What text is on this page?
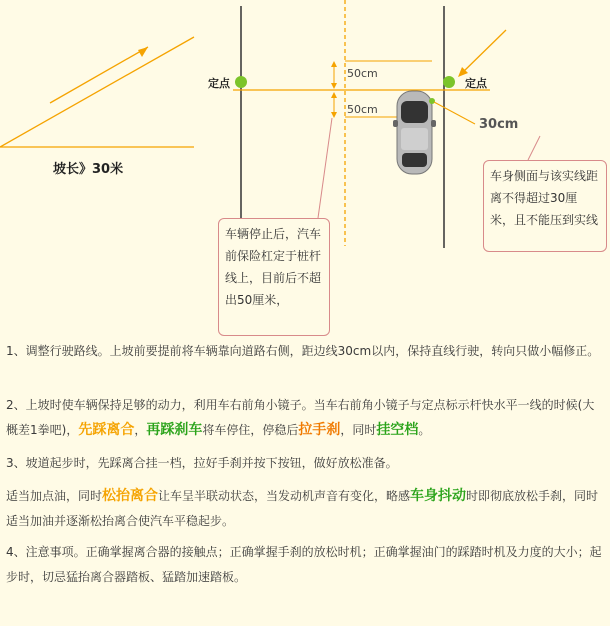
坡长》30米
定点	定点
50cm
50cm
30cm
车辆停止后，汽车前保险杠定于桩杆线上，目前后不超出50厘米，
车身侧面与该实线距离不得超过30厘米，且不能压到实线
1、调整行驶路线。上坡前要提前将车辆靠向道路右侧，距边线30cm以内，保持直线行驶，转向只做小幅修正。
2、上坡时使车辆保持足够的动力，利用车右前角小镜子。当车右前角小镜子与定点标示杆快水平一线的时候(大概差1拳吧)，先踩离合，再踩刹车将车停住，停稳后拉手刹，同时挂空档。
3、坡道起步时，先踩离合挂一档，拉好手刹并按下按钮，做好放松准备。
适当加点油，同时松抬离合让车呈半联动状态，当发动机声音有变化，略感车身抖动时即彻底放松手刹，同时适当加油并逐渐松抬离合使汽车平稳起步。
4、注意事项。正确掌握离合器的接触点；正确掌握手刹的放松时机；正确掌握油门的踩踏时机及力度的大小；起步时，切忌猛抬离合器踏板、猛踏加速踏板。
